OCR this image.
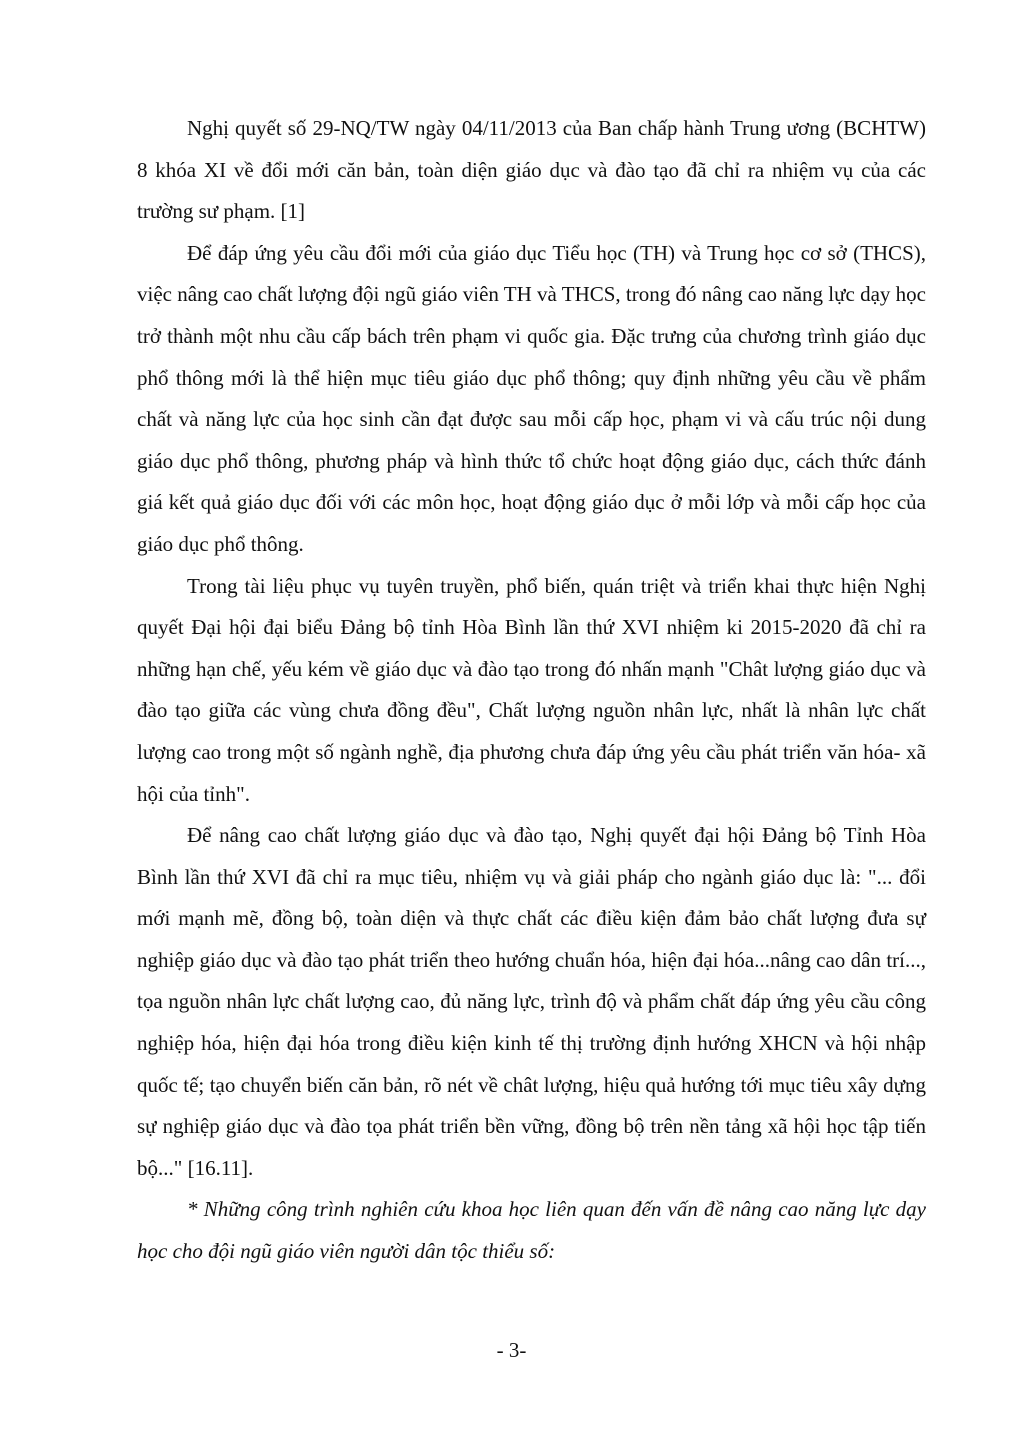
Nghị quyết số 29-NQ/TW ngày 04/11/2013 của Ban chấp hành Trung ương (BCHTW) 8 khóa XI về đổi mới căn bản, toàn diện giáo dục và đào tạo đã chỉ ra nhiệm vụ của các trường sư phạm. [1]

Để đáp ứng yêu cầu đổi mới của giáo dục Tiểu học (TH) và Trung học cơ sở (THCS), việc nâng cao chất lượng đội ngũ giáo viên TH và THCS, trong đó nâng cao năng lực dạy học trở thành một nhu cầu cấp bách trên phạm vi quốc gia. Đặc trưng của chương trình giáo dục phổ thông mới là thể hiện mục tiêu giáo dục phổ thông; quy định những yêu cầu về phẩm chất và năng lực của học sinh cần đạt được sau mỗi cấp học, phạm vi và cấu trúc nội dung giáo dục phổ thông, phương pháp và hình thức tổ chức hoạt động giáo dục, cách thức đánh giá kết quả giáo dục đối với các môn học, hoạt động giáo dục ở mỗi lớp và mỗi cấp học của giáo dục phổ thông.

Trong tài liệu phục vụ tuyên truyền, phổ biến, quán triệt và triển khai thực hiện Nghị quyết Đại hội đại biểu Đảng bộ tỉnh Hòa Bình lần thứ XVI nhiệm ki 2015-2020 đã chỉ ra những hạn chế, yếu kém về giáo dục và đào tạo trong đó nhấn mạnh "Chât lượng giáo dục và đào tạo giữa các vùng chưa đồng đều", Chất lượng nguồn nhân lực, nhất là nhân lực chất lượng cao trong một số ngành nghề, địa phương chưa đáp ứng yêu cầu phát triển văn hóa- xã hội của tỉnh".

Để nâng cao chất lượng giáo dục và đào tạo, Nghị quyết đại hội Đảng bộ Tỉnh Hòa Bình lần thứ XVI đã chỉ ra mục tiêu, nhiệm vụ và giải pháp cho ngành giáo dục là: "... đổi mới mạnh mẽ, đồng bộ, toàn diện và thực chất các điều kiện đảm bảo chất lượng đưa sự nghiệp giáo dục và đào tạo phát triển theo hướng chuẩn hóa, hiện đại hóa...nâng cao dân trí..., tọa nguồn nhân lực chất lượng cao, đủ năng lực, trình độ và phẩm chất đáp ứng yêu cầu công nghiệp hóa, hiện đại hóa trong điều kiện kinh tế thị trường định hướng XHCN và hội nhập quốc tế; tạo chuyển biến căn bản, rõ nét về chât lượng, hiệu quả hướng tới mục tiêu xây dựng sự nghiệp giáo dục và đào tọa phát triển bền vững, đồng bộ trên nền tảng xã hội học tập tiến bộ..." [16.11].

* Những công trình nghiên cứu khoa học liên quan đến vấn đề nâng cao năng lực dạy học cho đội ngũ giáo viên người dân tộc thiểu số:

- 3-
